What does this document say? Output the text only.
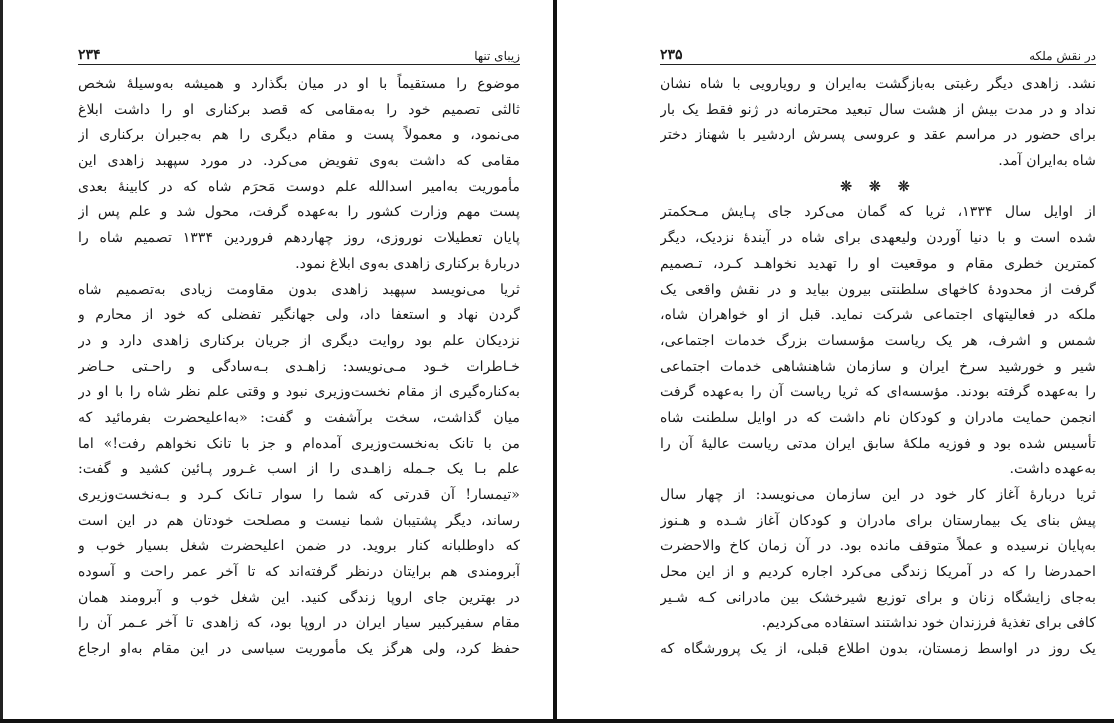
۲۳۴	زیبای تنها
موضوع را مستقیماً با او در میان بگذارد و همیشه به‌وسیلهٔ شخص
ثالثی تصمیم خود را به‌مقامی که قصد برکناری او را داشت ابلاغ
می‌نمود، و معمولاً پست و مقام دیگری را هم به‌جبران برکناری از
مقامی که داشت به‌وی تفویض می‌کرد. در مورد سپهبد زاهدی این
مأموریت به‌امیر اسدالله علم دوست مَحرَم شاه که در کابینهٔ بعدی
پست مهم وزارت کشور را به‌عهده گرفت، محول شد و علم پس از
پایان تعطیلات نوروزی، روز چهاردهم فروردین ۱۳۳۴ تصمیم شاه را
دربارهٔ برکناری زاهدی به‌وی ابلاغ نمود.
ثریا می‌نویسد سپهبد زاهدی بدون مقاومت زیادی به‌تصمیم شاه
گردن نهاد و استعفا داد، ولی جهانگیر تفضلی که خود از محارم و
نزدیکان علم بود روایت دیگری از جریان برکناری زاهدی دارد و در
خـاطرات خـود مـی‌نویسد: زاهـدی بـه‌سادگی و راحـتی حـاضر
به‌کناره‌گیری از مقام نخست‌وزیری نبود و وقتی علم نظر شاه را با او در
میان گذاشت، سخت برآشفت و گفت: «به‌اعلیحضرت بفرمائید که
من با تانک به‌نخست‌وزیری آمده‌ام و جز با تانک نخواهم رفت!» اما
علم بـا یک جـمله زاهـدی را از اسب غـرور پـائین کشید و گفت:
«تیمسار! آن قدرتی که شما را سوار تـانک کـرد و بـه‌نخست‌وزیری
رساند، دیگر پشتیبان شما نیست و مصلحت خودتان هم در این است
که داوطلبانه کنار بروید. در ضمن اعلیحضرت شغل بسیار خوب و
آبرومندی هم برایتان درنظر گرفته‌اند که تا آخر عمر راحت و آسوده
در بهترین جای اروپا زندگی کنید. این شغل خوب و آبرومند همان
مقام سفیرکبیر سیار ایران در اروپا بود، که زاهدی تا آخر عـمر آن را
حفظ کرد، ولی هرگز یک مأموریت سیاسی در این مقام به‌او ارجاع
۲۳۵	در نقش ملکه
نشد. زاهدی دیگر رغبتی به‌بازگشت به‌ایران و رویارویی با شاه نشان
نداد و در مدت بیش از هشت سال تبعید محترمانه در ژنو فقط یک بار
برای حضور در مراسم عقد و عروسی پسرش اردشیر با شهناز دختر
شاه به‌ایران آمد.
❊ ❊ ❊
از اوایل سال ۱۳۳۴، ثریا که گمان می‌کرد جای پـایش مـحکمتر
شده است و با دنیا آوردن ولیعهدی برای شاه در آیندهٔ نزدیک، دیگر
کمترین خطری مقام و موقعیت او را تهدید نخواهـد کـرد، تـصمیم
گرفت از محدودهٔ کاخهای سلطنتی بیرون بیاید و در نقش واقعی یک
ملکه در فعالیتهای اجتماعی شرکت نماید. قبل از او خواهران شاه،
شمس و اشرف، هر یک ریاست مؤسسات بزرگ خدمات اجتماعی،
شیر و خورشید سرخ ایران و سازمان شاهنشاهی خدمات اجتماعی
را به‌عهده گرفته بودند. مؤسسه‌ای که ثریا ریاست آن را به‌عهده گرفت
انجمن حمایت مادران و کودکان نام داشت که در اوایل سلطنت شاه
تأسیس شده بود و فوزیه ملکهٔ سابق ایران مدتی ریاست عالیهٔ آن را
به‌عهده داشت.
ثریا دربارهٔ آغاز کار خود در این سازمان می‌نویسد: از چهار سال
پیش بنای یک بیمارستان برای مادران و کودکان آغاز شـده و هـنوز
به‌پایان نرسیده و عملاً متوقف مانده بود. در آن زمان کاخ والاحضرت
احمدرضا را که در آمریکا زندگی می‌کرد اجاره کردیم و از این محل
به‌جای زایشگاه زنان و برای توزیع شیرخشک بین مادرانی کـه شـیر
کافی برای تغذیهٔ فرزندان خود نداشتند استفاده می‌کردیم.
یک روز در اواسط زمستان، بدون اطلاع قبلی، از یک پرورشگاه که
